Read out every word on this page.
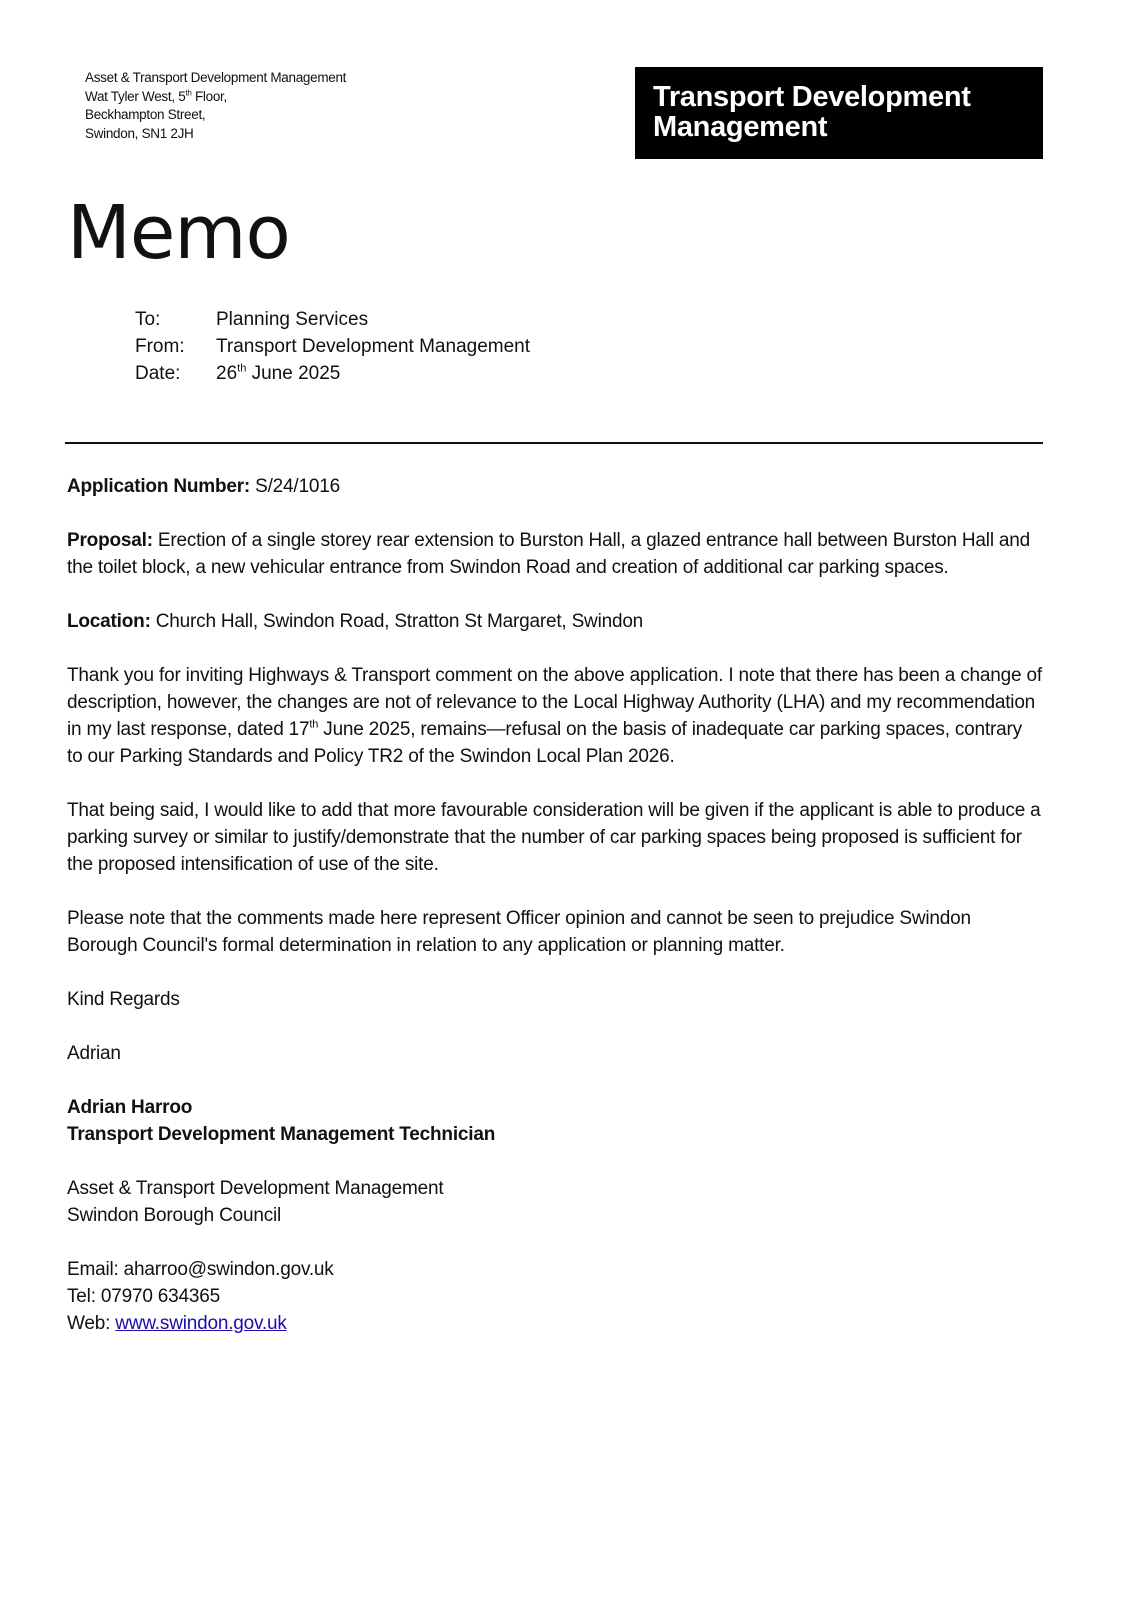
Asset & Transport Development Management
Wat Tyler West, 5th Floor,
Beckhampton Street,
Swindon, SN1 2JH
Transport Development
Management
Memo
To:	Planning Services
From:	Transport Development Management
Date:	26th June 2025

Application Number: S/24/1016

Proposal: Erection of a single storey rear extension to Burston Hall, a glazed entrance hall between Burston Hall and the toilet block, a new vehicular entrance from Swindon Road and creation of additional car parking spaces.

Location: Church Hall, Swindon Road, Stratton St Margaret, Swindon

Thank you for inviting Highways & Transport comment on the above application. I note that there has been a change of description, however, the changes are not of relevance to the Local Highway Authority (LHA) and my recommendation in my last response, dated 17th June 2025, remains—refusal on the basis of inadequate car parking spaces, contrary to our Parking Standards and Policy TR2 of the Swindon Local Plan 2026.

That being said, I would like to add that more favourable consideration will be given if the applicant is able to produce a parking survey or similar to justify/demonstrate that the number of car parking spaces being proposed is sufficient for the proposed intensification of use of the site.

Please note that the comments made here represent Officer opinion and cannot be seen to prejudice Swindon Borough Council's formal determination in relation to any application or planning matter.

Kind Regards

Adrian

Adrian Harroo
Transport Development Management Technician

Asset & Transport Development Management
Swindon Borough Council

Email: aharroo@swindon.gov.uk
Tel: 07970 634365
Web: www.swindon.gov.uk
